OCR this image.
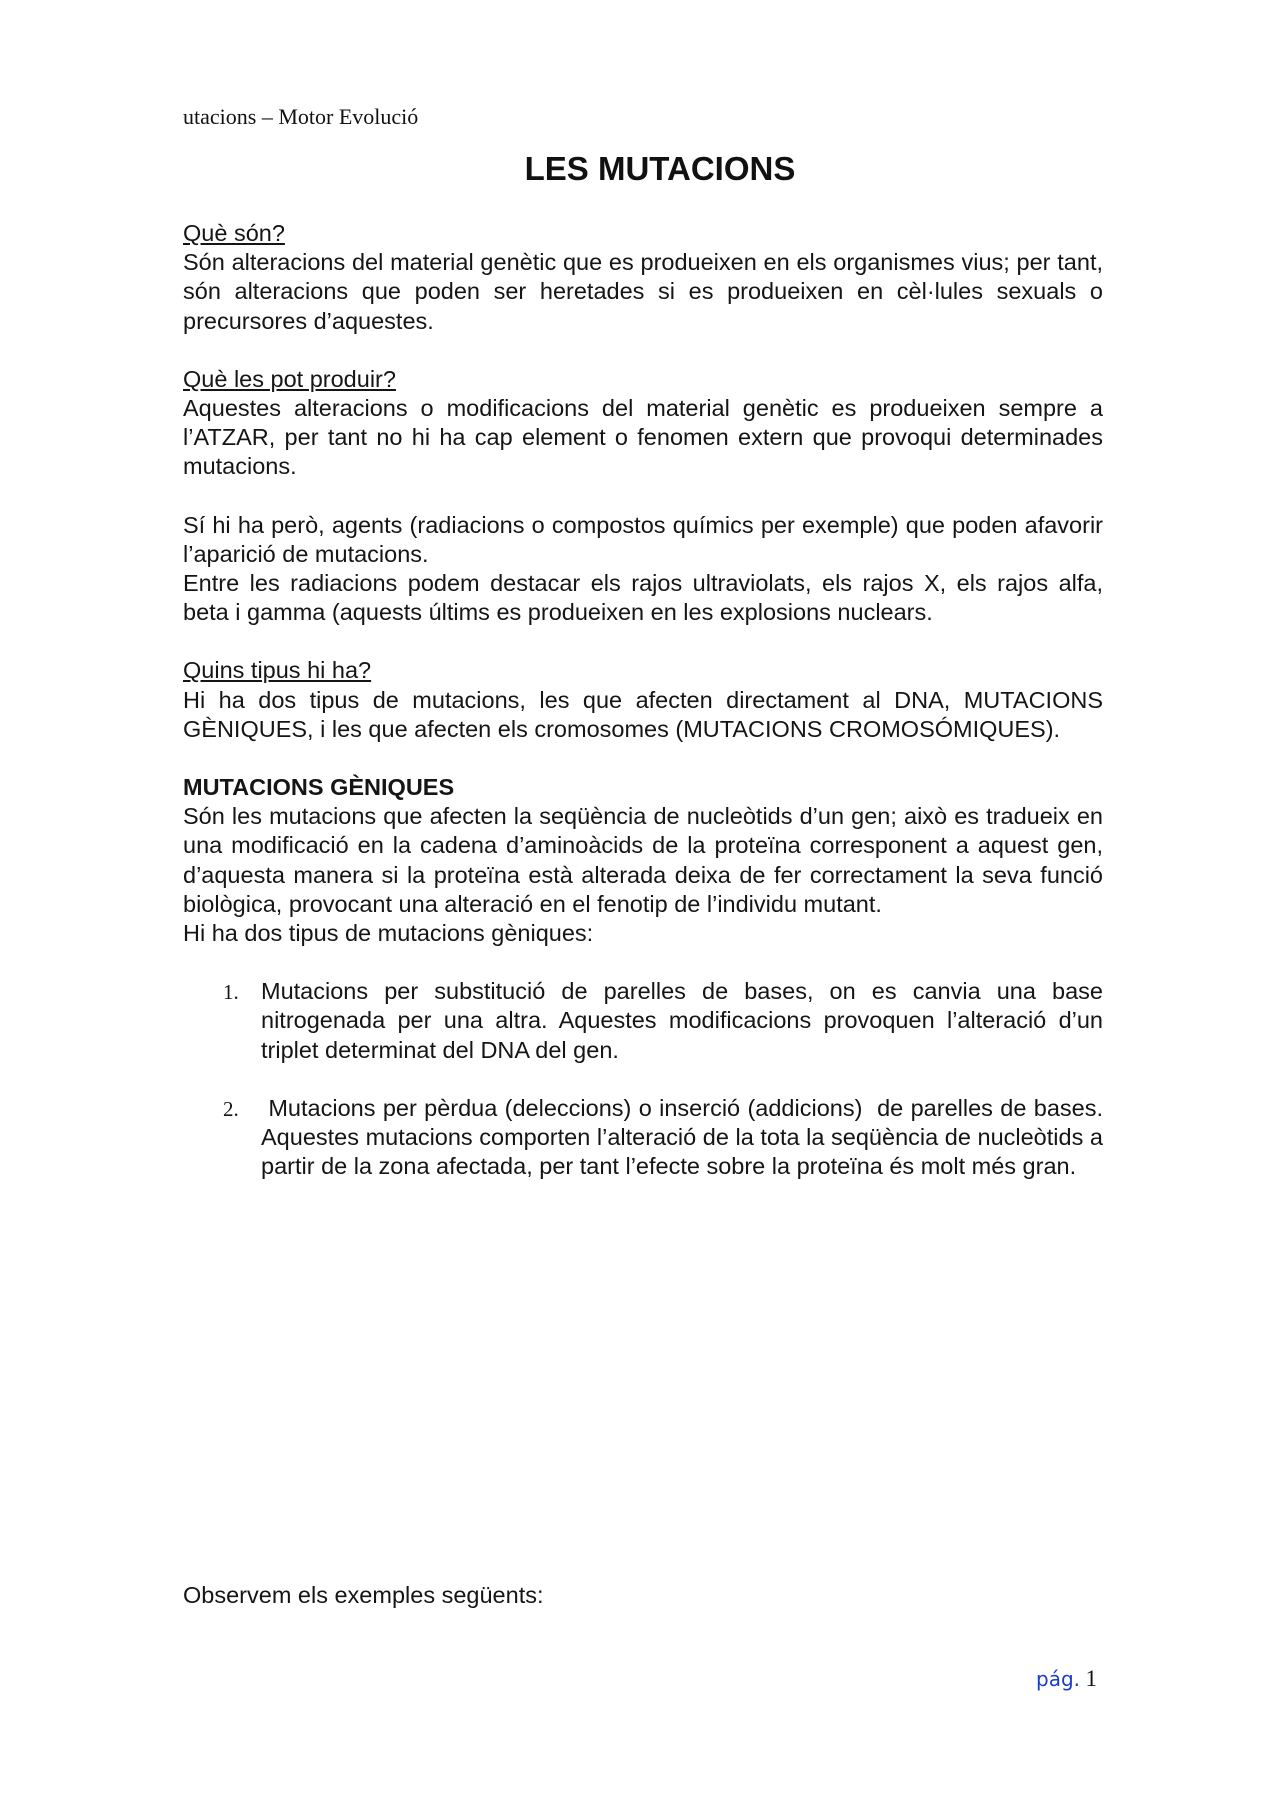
utacions – Motor Evolució
LES MUTACIONS

Què són?

Són alteracions del material genètic que es produeixen en els organismes vius; per tant, són alteracions que poden ser heretades si es produeixen en cèl·lules sexuals o precursores d’aquestes.

Què les pot produir?

Aquestes alteracions o modificacions del material genètic es produeixen sempre a l’ATZAR, per tant no hi ha cap element o fenomen extern que provoqui determinades mutacions.

Sí hi ha però, agents (radiacions o compostos químics per exemple) que poden afavorir l’aparició de mutacions.

Entre les radiacions podem destacar els rajos ultraviolats, els rajos X, els rajos alfa, beta i gamma (aquests últims es produeixen en les explosions nuclears.

Quins tipus hi ha?

Hi ha dos tipus de mutacions, les que afecten directament al DNA, MUTACIONS GÈNIQUES, i les que afecten els cromosomes (MUTACIONS CROMOSÓMIQUES).

MUTACIONS GÈNIQUES

Són les mutacions que afecten la seqüència de nucleòtids d’un gen; això es tradueix en una modificació en la cadena d’aminoàcids de la proteïna corresponent a aquest gen, d’aquesta manera si la proteïna està alterada deixa de fer correctament la seva funció biològica, provocant una alteració en el fenotip de l’individu mutant.

Hi ha dos tipus de mutacions gèniques:

1. Mutacions per substitució de parelles de bases, on es canvia una base nitrogenada per una altra. Aquestes modificacions provoquen l’alteració d’un triplet determinat del DNA del gen.

2. Mutacions per pèrdua (deleccions) o inserció (addicions)  de parelles de bases.  Aquestes mutacions comporten l’alteració de la tota la seqüència de nucleòtids a partir de la zona afectada, per tant l’efecte sobre la proteïna és molt més gran.

Observem els exemples següents:
pág. 1
